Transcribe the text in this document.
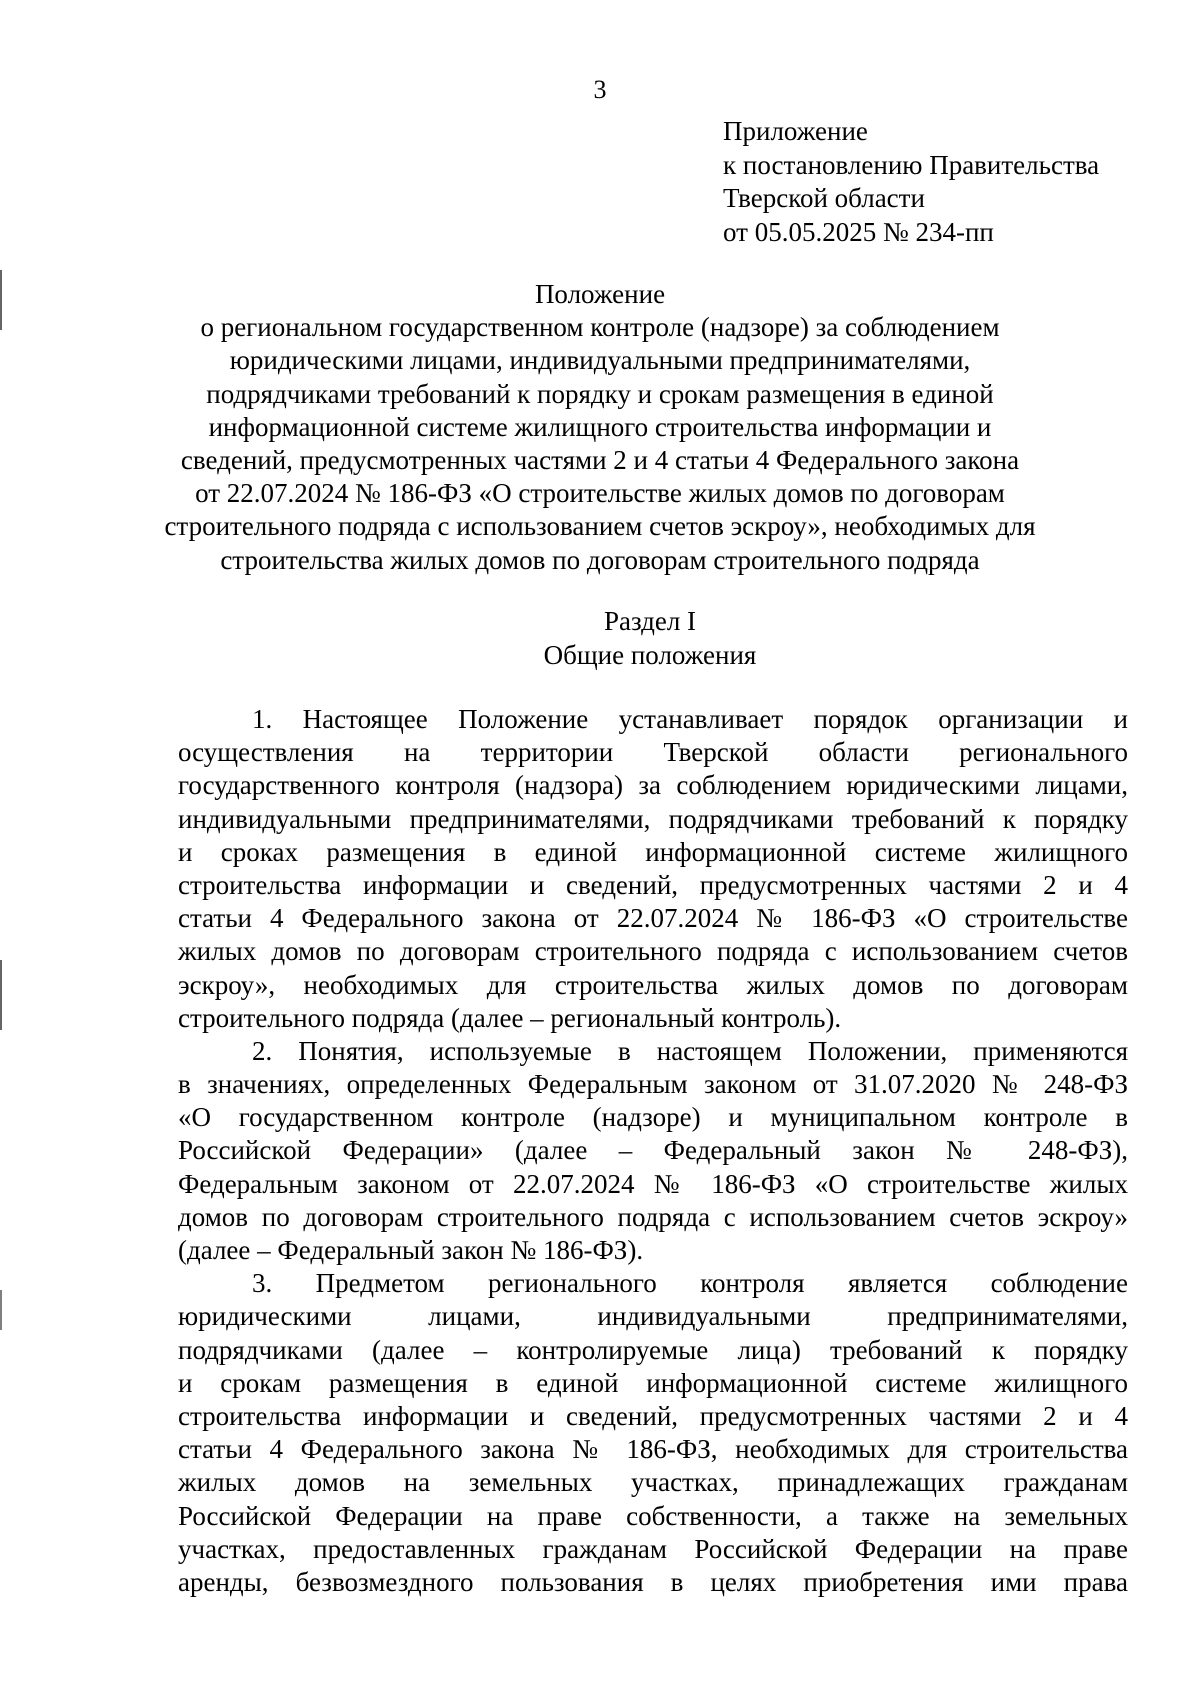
3
Приложение
к постановлению Правительства
Тверской области
от 05.05.2025 № 234-пп
Положение
о региональном государственном контроле (надзоре) за соблюдением
юридическими лицами, индивидуальными предпринимателями,
подрядчиками требований к порядку и срокам размещения в единой
информационной системе жилищного строительства информации и
сведений, предусмотренных частями 2 и 4 статьи 4 Федерального закона
от 22.07.2024 № 186-ФЗ «О строительстве жилых домов по договорам
строительного подряда с использованием счетов эскроу», необходимых для
строительства жилых домов по договорам строительного подряда
Раздел I
Общие положения
1. Настоящее Положение устанавливает порядок организации и
осуществления на территории Тверской области регионального
государственного контроля (надзора) за соблюдением юридическими лицами,
индивидуальными предпринимателями, подрядчиками требований к порядку
и сроках размещения в единой информационной системе жилищного
строительства информации и сведений, предусмотренных частями 2 и 4
статьи 4 Федерального закона от 22.07.2024 № 186-ФЗ «О строительстве
жилых домов по договорам строительного подряда с использованием счетов
эскроу», необходимых для строительства жилых домов по договорам
строительного подряда (далее – региональный контроль).
2. Понятия, используемые в настоящем Положении, применяются
в значениях, определенных Федеральным законом от 31.07.2020 № 248-ФЗ
«О государственном контроле (надзоре) и муниципальном контроле в
Российской Федерации» (далее – Федеральный закон № 248-ФЗ),
Федеральным законом от 22.07.2024 № 186-ФЗ «О строительстве жилых
домов по договорам строительного подряда с использованием счетов эскроу»
(далее – Федеральный закон № 186-ФЗ).
3. Предметом регионального контроля является соблюдение
юридическими лицами, индивидуальными предпринимателями,
подрядчиками (далее – контролируемые лица) требований к порядку
и срокам размещения в единой информационной системе жилищного
строительства информации и сведений, предусмотренных частями 2 и 4
статьи 4 Федерального закона № 186-ФЗ, необходимых для строительства
жилых домов на земельных участках, принадлежащих гражданам
Российской Федерации на праве собственности, а также на земельных
участках, предоставленных гражданам Российской Федерации на праве
аренды, безвозмездного пользования в целях приобретения ими права
